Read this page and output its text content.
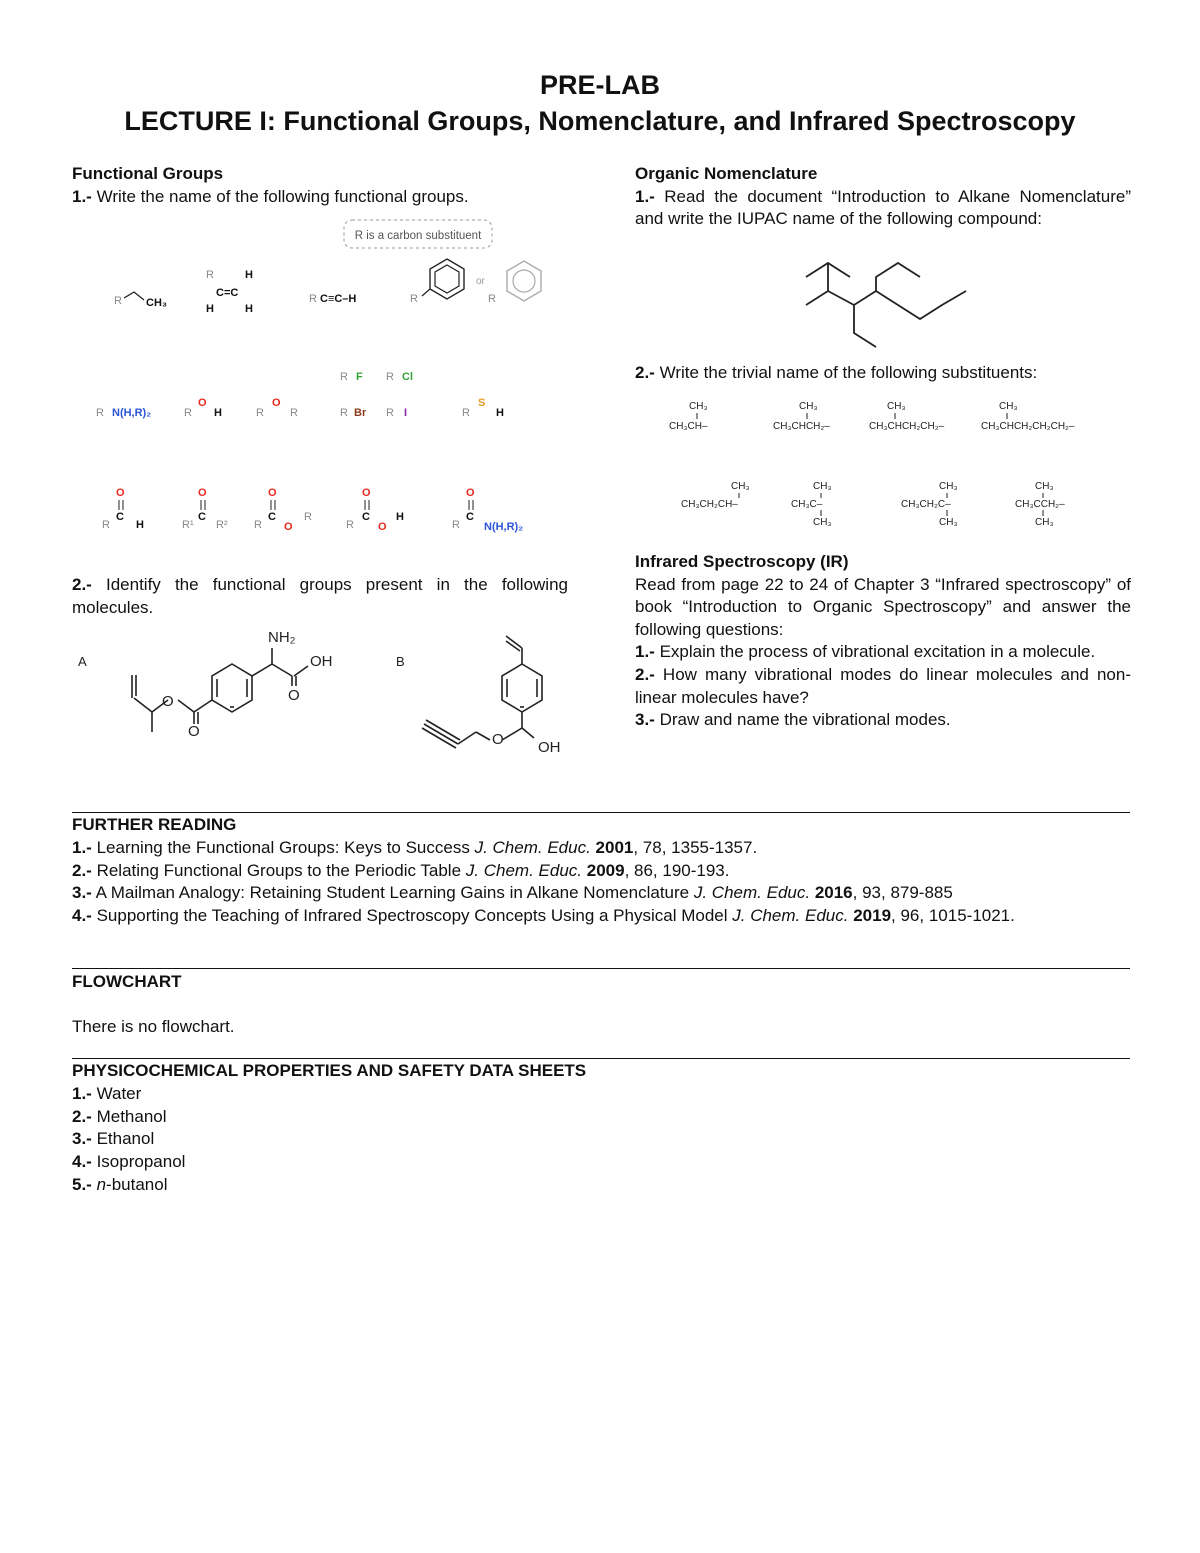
PRE-LAB
LECTURE I: Functional Groups, Nomenclature, and Infrared Spectroscopy
Functional Groups
1.- Write the name of the following functional groups.
R is a carbon substituent
R CH₃
R
C=C
H
H	H
R C≡C–H	R
or
R
R F R Cl
R Br R I
R N(H,R)₂	R
O
H	R
O
R	R
S
H
O
C
R H
O
C
R¹ R²
O
C
R O
R
O
C
R O
H
O
C
R N(H,R)₂
2.- Identify the functional groups present in the following molecules.
A
O
O
NH₂
OH
O
B
O OH
Organic Nomenclature
1.- Read the document “Introduction to Alkane Nomenclature” and write the IUPAC name of the following compound:
2.- Write the trivial name of the following substituents:
CH₃
CH₃CH–
CH₃
CH₃CHCH₂–
CH₃
CH₃CHCH₂CH₂–
CH₃
CH₃CHCH₂CH₂CH₂–
CH₃
CH₃CH₂CH–
CH₃
CH₃C–
CH₃
CH₃
CH₃CH₂C–
CH₃
CH₃
CH₃CCH₂–
CH₃
Infrared Spectroscopy (IR)
Read from page 22 to 24 of Chapter 3 “Infrared spectroscopy” of book “Introduction to Organic Spectroscopy” and answer the following questions:
1.- Explain the process of vibrational excitation in a molecule.
2.- How many vibrational modes do linear molecules and non-linear molecules have?
3.- Draw and name the vibrational modes.
FURTHER READING
1.- Learning the Functional Groups: Keys to Success J. Chem. Educ. 2001, 78, 1355-1357.
2.- Relating Functional Groups to the Periodic Table J. Chem. Educ. 2009, 86, 190-193.
3.- A Mailman Analogy: Retaining Student Learning Gains in Alkane Nomenclature J. Chem. Educ. 2016, 93, 879-885
4.- Supporting the Teaching of Infrared Spectroscopy Concepts Using a Physical Model J. Chem. Educ. 2019, 96, 1015-1021.
FLOWCHART
There is no flowchart.
PHYSICOCHEMICAL PROPERTIES AND SAFETY DATA SHEETS
1.- Water
2.- Methanol
3.- Ethanol
4.- Isopropanol
5.- n-butanol
